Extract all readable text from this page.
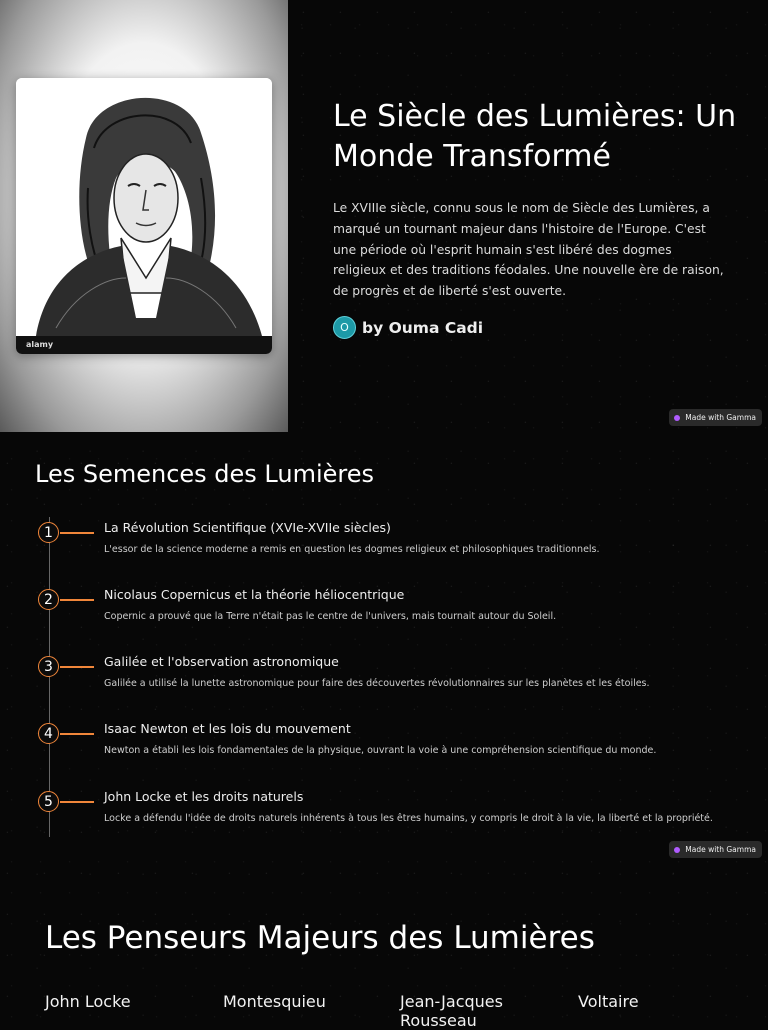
alamy
Le Siècle des Lumières: Un Monde Transformé

Le XVIIIe siècle, connu sous le nom de Siècle des Lumières, a marqué un tournant majeur dans l'histoire de l'Europe. C'est une période où l'esprit humain s'est libéré des dogmes religieux et des traditions féodales. Une nouvelle ère de raison, de progrès et de liberté s'est ouverte.

O by Ouma Cadi
Made with Gamma
Les Semences des Lumières
1	La Révolution Scientifique (XVIe-XVIIe siècles)
L'essor de la science moderne a remis en question les dogmes religieux et philosophiques traditionnels.
2	Nicolaus Copernicus et la théorie héliocentrique
Copernic a prouvé que la Terre n'était pas le centre de l'univers, mais tournait autour du Soleil.
3	Galilée et l'observation astronomique
Galilée a utilisé la lunette astronomique pour faire des découvertes révolutionnaires sur les planètes et les étoiles.
4	Isaac Newton et les lois du mouvement
Newton a établi les lois fondamentales de la physique, ouvrant la voie à une compréhension scientifique du monde.
5	John Locke et les droits naturels
Locke a défendu l'idée de droits naturels inhérents à tous les êtres humains, y compris le droit à la vie, la liberté et la propriété.
Made with Gamma
Les Penseurs Majeurs des Lumières
John Locke	Montesquieu	Jean-Jacques Rousseau
Voltaire
